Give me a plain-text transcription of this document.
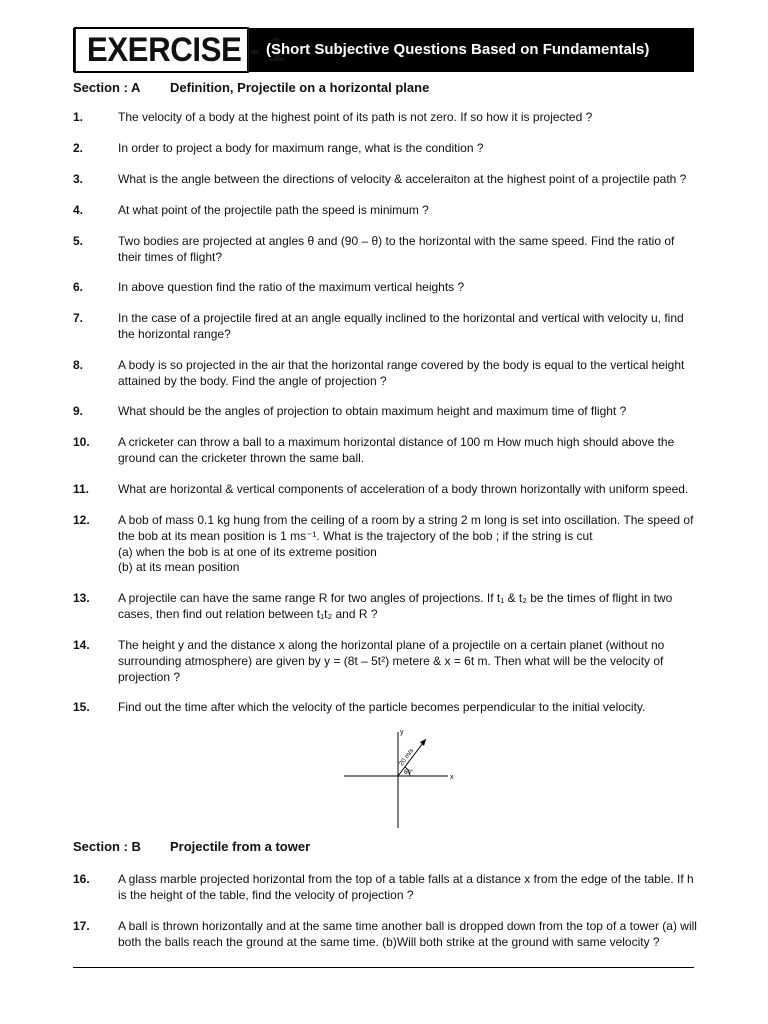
EXERCISE - 1
(Short Subjective Questions Based on Fundamentals)
Section : A Definition, Projectile on a horizontal plane
1.	The velocity of a body at the highest point of its path is not zero. If so how it is projected ?
2.	In order to project a body for maximum range, what is the condition ?
3.	What is the angle between the directions of velocity & acceleraiton at the highest point of a projectile path ?
4.	At what point of the projectile path the speed is minimum ?
5.	Two bodies are projected at angles θ and (90 – θ) to the horizontal with the same speed. Find the ratio of their times of flight?
6.	In above question find the ratio of the maximum vertical heights ?
7.	In the case of a projectile fired at an angle equally inclined to the horizontal and vertical with velocity u, find the horizontal range?
8.	A body is so projected in the air that the horizontal range covered by the body is equal to the vertical height attained by the body. Find the angle of projection ?
9.	What should be the angles of projection to obtain maximum height and maximum time of flight ?
10.	A cricketer can throw a ball to a maximum horizontal distance of 100 m How much high should above the ground can the cricketer thrown the same ball.
11.	What are horizontal & vertical components of acceleration of a body thrown horizontally with uniform speed.
12.	A bob of mass 0.1 kg hung from the ceiling of a room by a string 2 m long is set into oscillation. The speed of the bob at its mean position is 1 ms⁻¹. What is the trajectory of the bob ; if the string is cut
(a) when the bob is at one of its extreme position
(b) at its mean position
13.	A projectile can have the same range R for two angles of projections. If t₁ & t₂ be the times of flight in two cases, then find out relation between t₁t₂ and R ?
14.	The height y and the distance x along the horizontal plane of a projectile on a certain planet (without no surrounding atmosphere) are given by y = (8t – 5t²) metere & x = 6t m. Then what will be the velocity of projection ?
15.	Find out the time after which the velocity of the particle becomes perpendicular to the initial velocity.
y
x
20 m/s
60°
Section : B Projectile from a tower
16.	A glass marble projected horizontal from the top of a table falls at a distance x from the edge of the table. If h is the height of the table, find the velocity of projection ?
17.	A ball is thrown horizontally and at the same time another ball is dropped down from the top of a tower (a) will both the balls reach the ground at the same time. (b)Will both strike at the ground with same velocity ?
